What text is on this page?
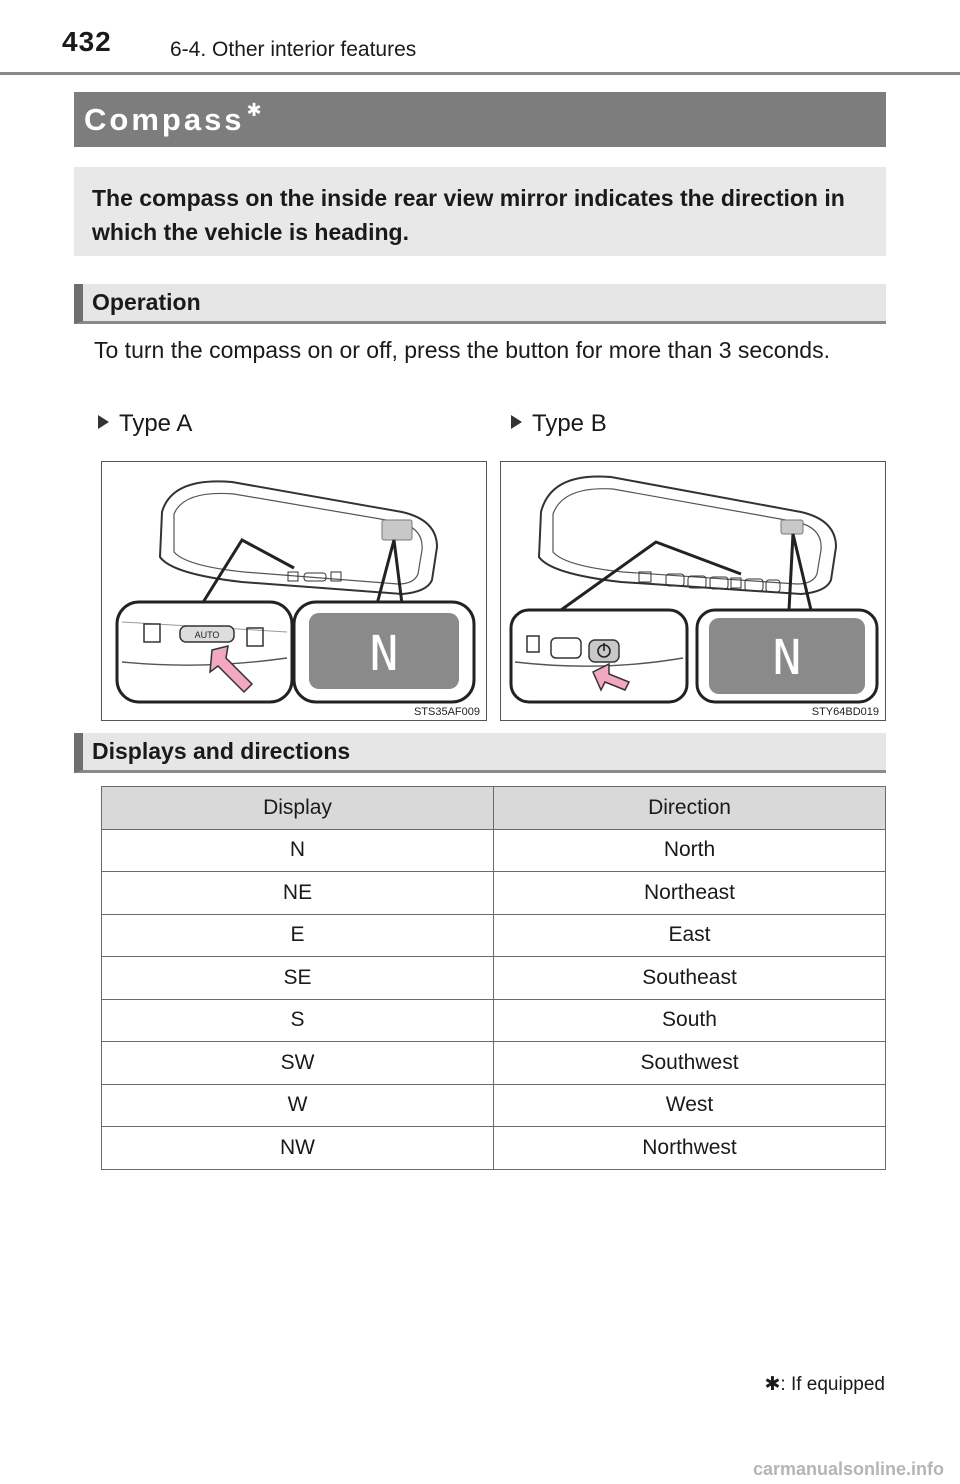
432	6-4. Other interior features
Compass ✱
The compass on the inside rear view mirror indicates the direction in which the vehicle is heading.
Operation
To turn the compass on or off, press the button for more than 3 seconds.
Type A	Type B
AUTO	N
STS35AF009
N
STY64BD019
Displays and directions
Display	Direction
N	North
NE	Northeast
E	East
SE	Southeast
S	South
SW	Southwest
W	West
NW	Northwest
✱: If equipped
carmanualsonline.info
